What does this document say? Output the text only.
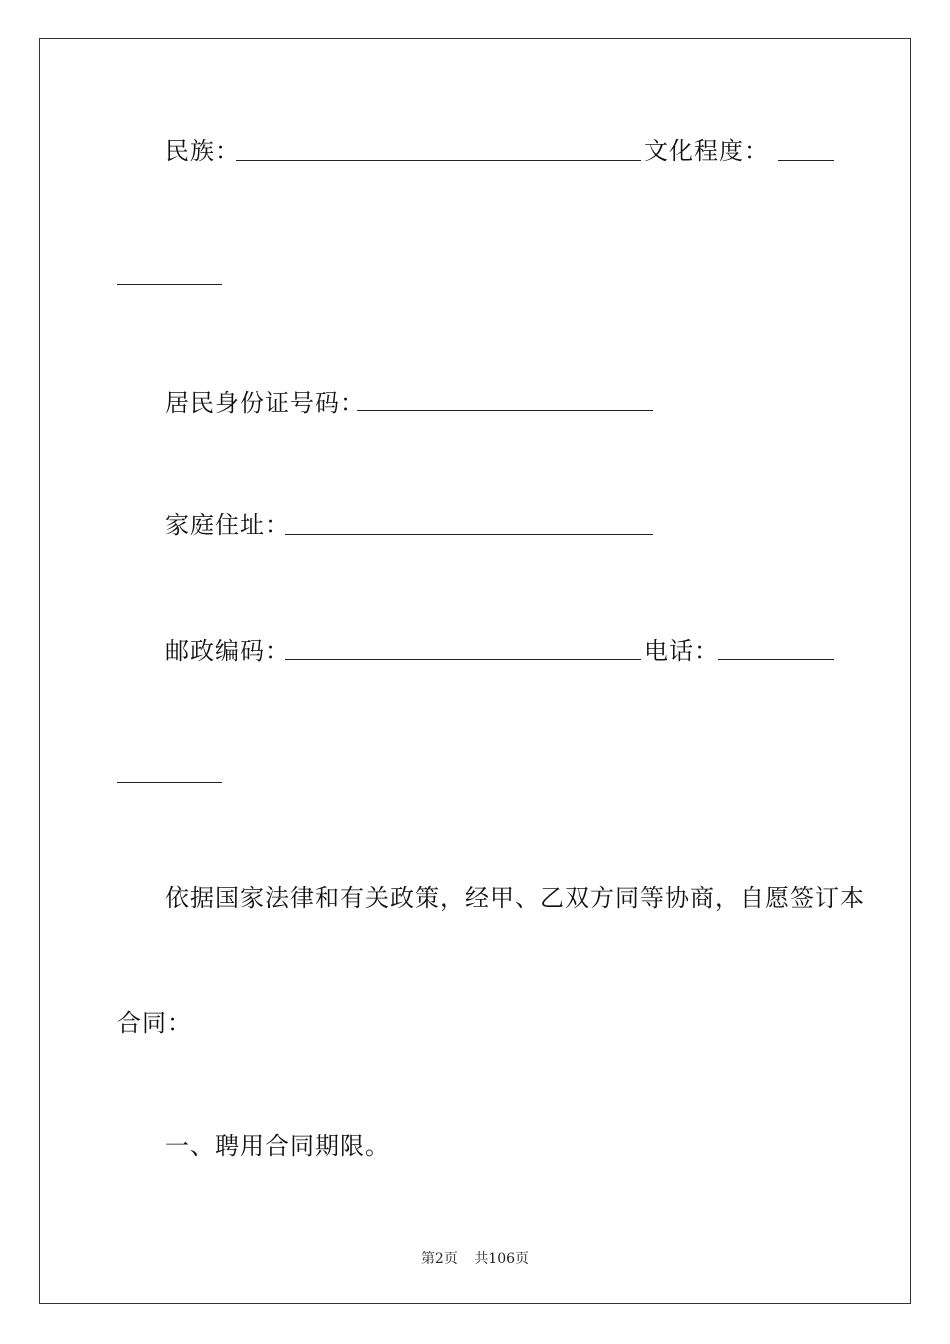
民族：	文化程度：
居民身份证号码：
家庭住址：
邮政编码：	电话：
依据国家法律和有关政策，经甲、乙双方同等协商，自愿签订本
合同：
一、聘用合同期限。
第2页 共106页
